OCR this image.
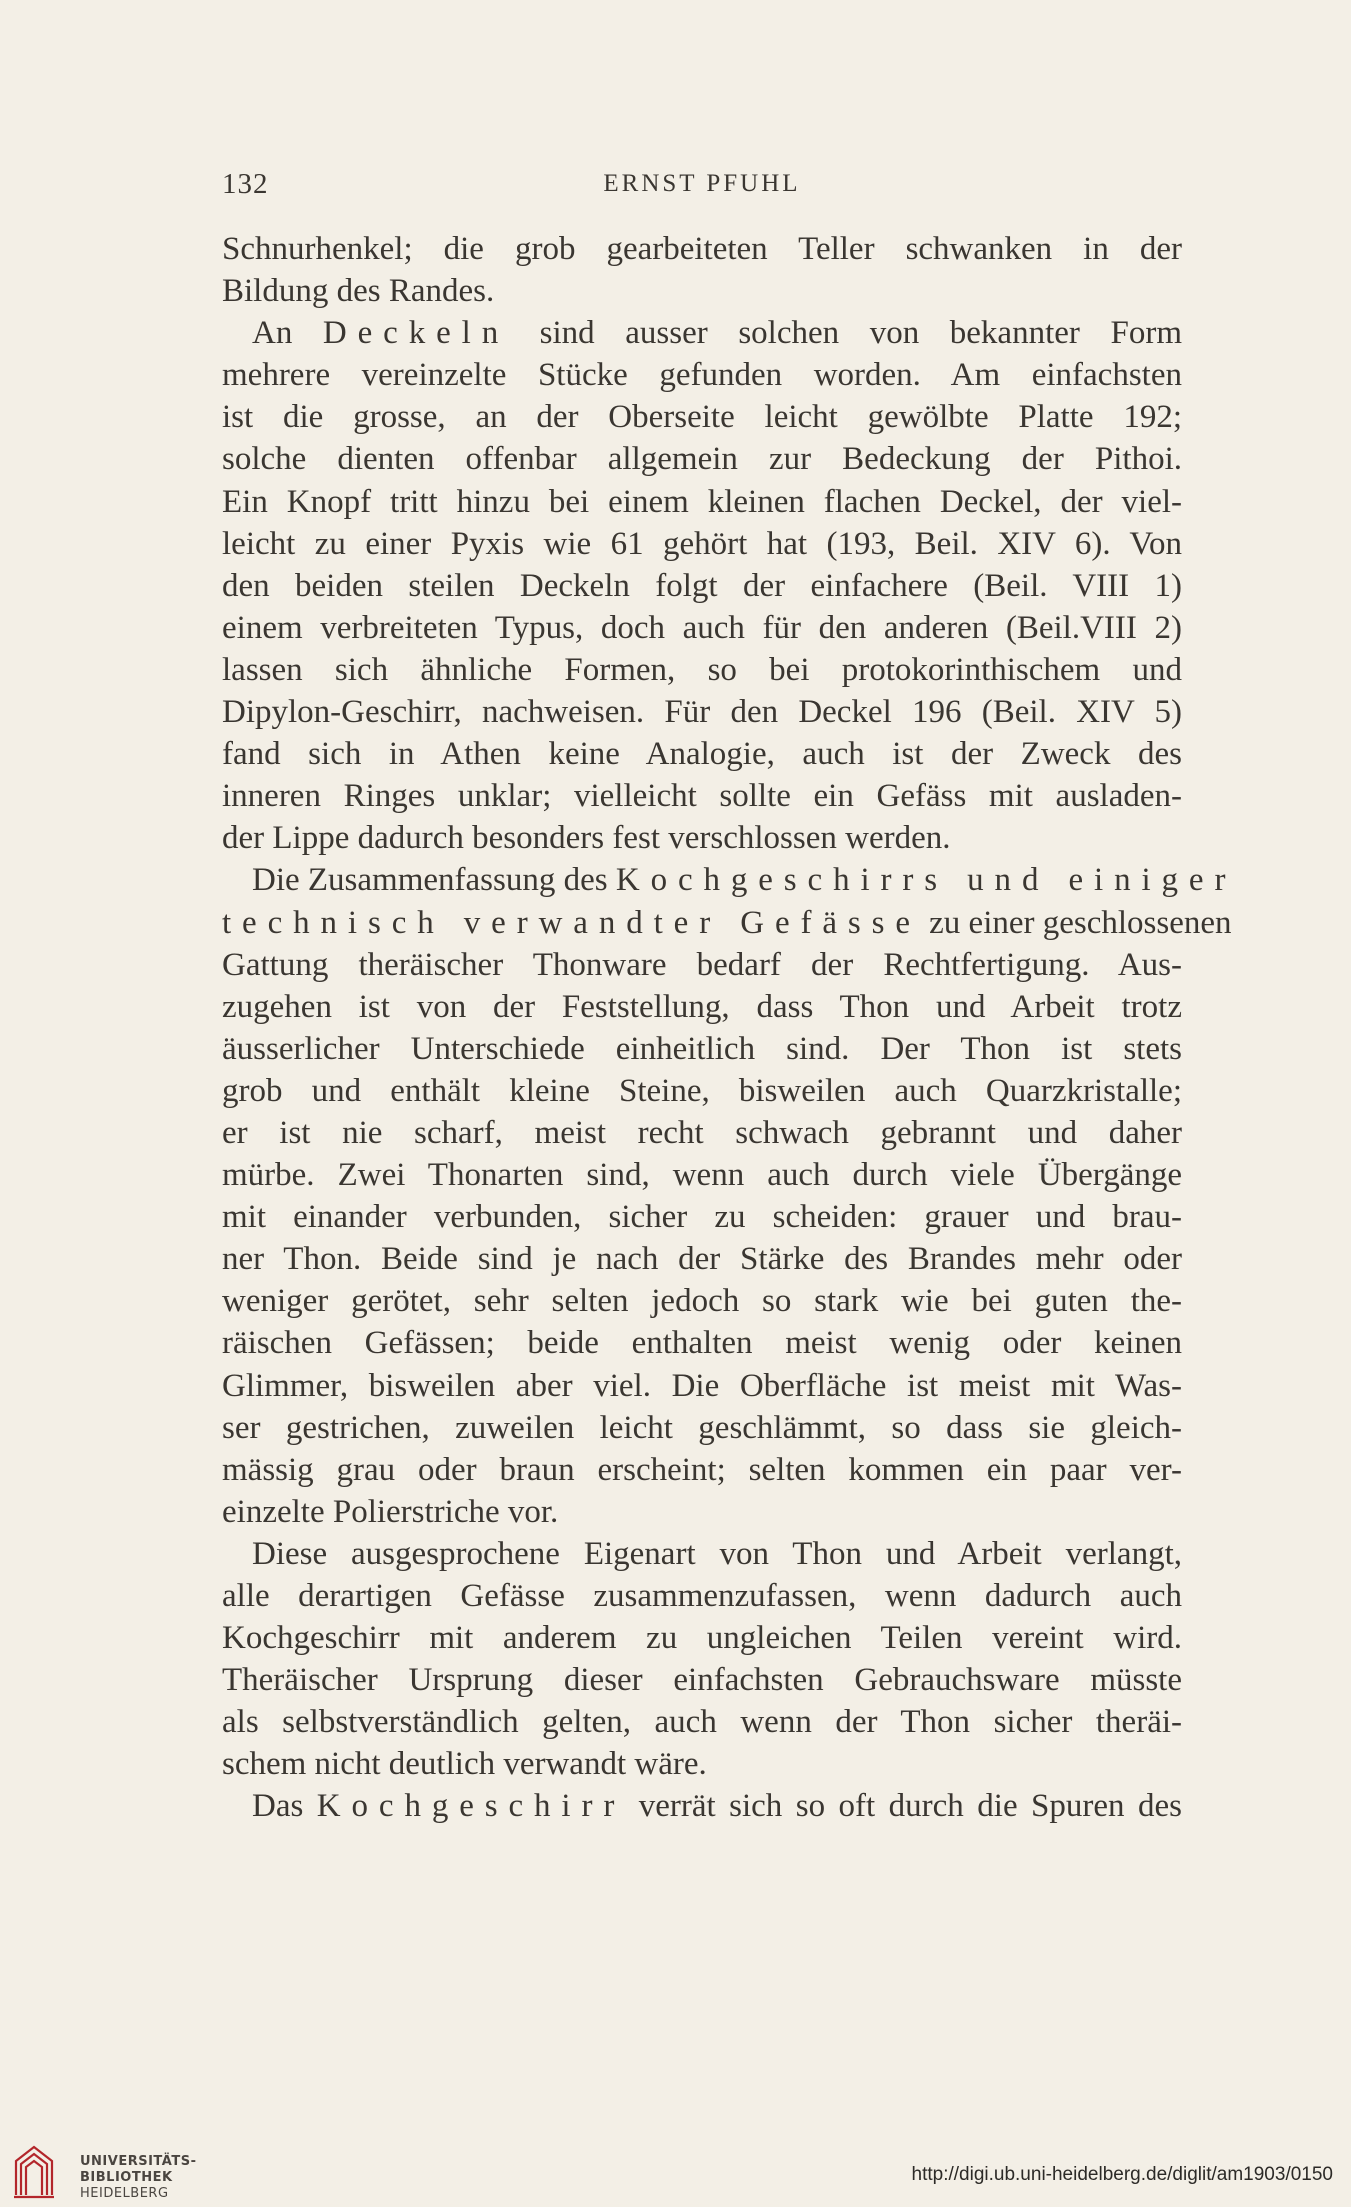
132	ERNST PFUHL
Schnurhenkel; die grob gearbeiteten Teller schwanken in der
Bildung des Randes.
An Deckeln sind ausser solchen von bekannter Form
mehrere vereinzelte Stücke gefunden worden. Am einfachsten
ist die grosse, an der Oberseite leicht gewölbte Platte 192;
solche dienten offenbar allgemein zur Bedeckung der Pithoi.
Ein Knopf tritt hinzu bei einem kleinen flachen Deckel, der viel-
leicht zu einer Pyxis wie 61 gehört hat (193, Beil. XIV 6). Von
den beiden steilen Deckeln folgt der einfachere (Beil. VIII 1)
einem verbreiteten Typus, doch auch für den anderen (Beil.VIII 2)
lassen sich ähnliche Formen, so bei protokorinthischem und
Dipylon-Geschirr, nachweisen. Für den Deckel 196 (Beil. XIV 5)
fand sich in Athen keine Analogie, auch ist der Zweck des
inneren Ringes unklar; vielleicht sollte ein Gefäss mit ausladen-
der Lippe dadurch besonders fest verschlossen werden.
Die Zusammenfassung des Kochgeschirrs und einiger
technisch verwandter Gefässe zu einer geschlossenen
Gattung theräischer Thonware bedarf der Rechtfertigung. Aus-
zugehen ist von der Feststellung, dass Thon und Arbeit trotz
äusserlicher Unterschiede einheitlich sind. Der Thon ist stets
grob und enthält kleine Steine, bisweilen auch Quarzkristalle;
er ist nie scharf, meist recht schwach gebrannt und daher
mürbe. Zwei Thonarten sind, wenn auch durch viele Übergänge
mit einander verbunden, sicher zu scheiden: grauer und brau-
ner Thon. Beide sind je nach der Stärke des Brandes mehr oder
weniger gerötet, sehr selten jedoch so stark wie bei guten the-
räischen Gefässen; beide enthalten meist wenig oder keinen
Glimmer, bisweilen aber viel. Die Oberfläche ist meist mit Was-
ser gestrichen, zuweilen leicht geschlämmt, so dass sie gleich-
mässig grau oder braun erscheint; selten kommen ein paar ver-
einzelte Polierstriche vor.
Diese ausgesprochene Eigenart von Thon und Arbeit verlangt,
alle derartigen Gefässe zusammenzufassen, wenn dadurch auch
Kochgeschirr mit anderem zu ungleichen Teilen vereint wird.
Theräischer Ursprung dieser einfachsten Gebrauchsware müsste
als selbstverständlich gelten, auch wenn der Thon sicher theräi-
schem nicht deutlich verwandt wäre.
Das Kochgeschirr verrät sich so oft durch die Spuren des
UNIVERSITÄTS-
BIBLIOTHEK
HEIDELBERG
http://digi.ub.uni-heidelberg.de/diglit/am1903/0150
